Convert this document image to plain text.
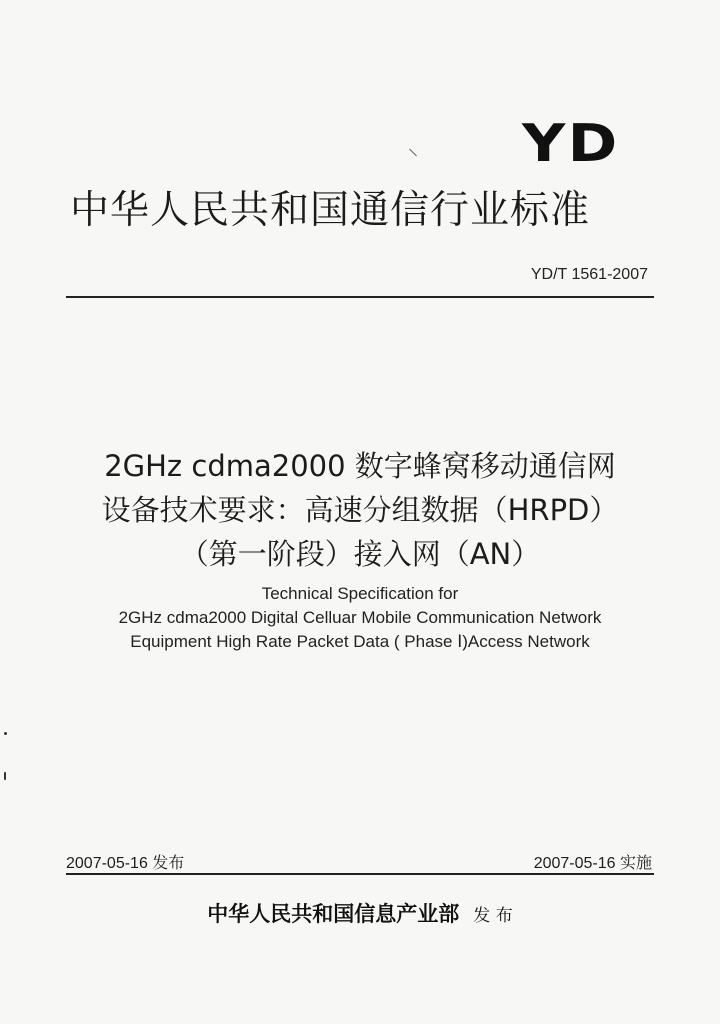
YD
中华人民共和国通信行业标准
YD/T 1561-2007
2GHz cdma2000 数字蜂窝移动通信网
设备技术要求：高速分组数据（HRPD）
（第一阶段）接入网（AN）
Technical Specification for
2GHz cdma2000 Digital Celluar Mobile Communication Network
Equipment High Rate Packet Data ( Phase Ⅰ)Access Network
2007-05-16 发布	2007-05-16 实施
中华人民共和国信息产业部 发 布
